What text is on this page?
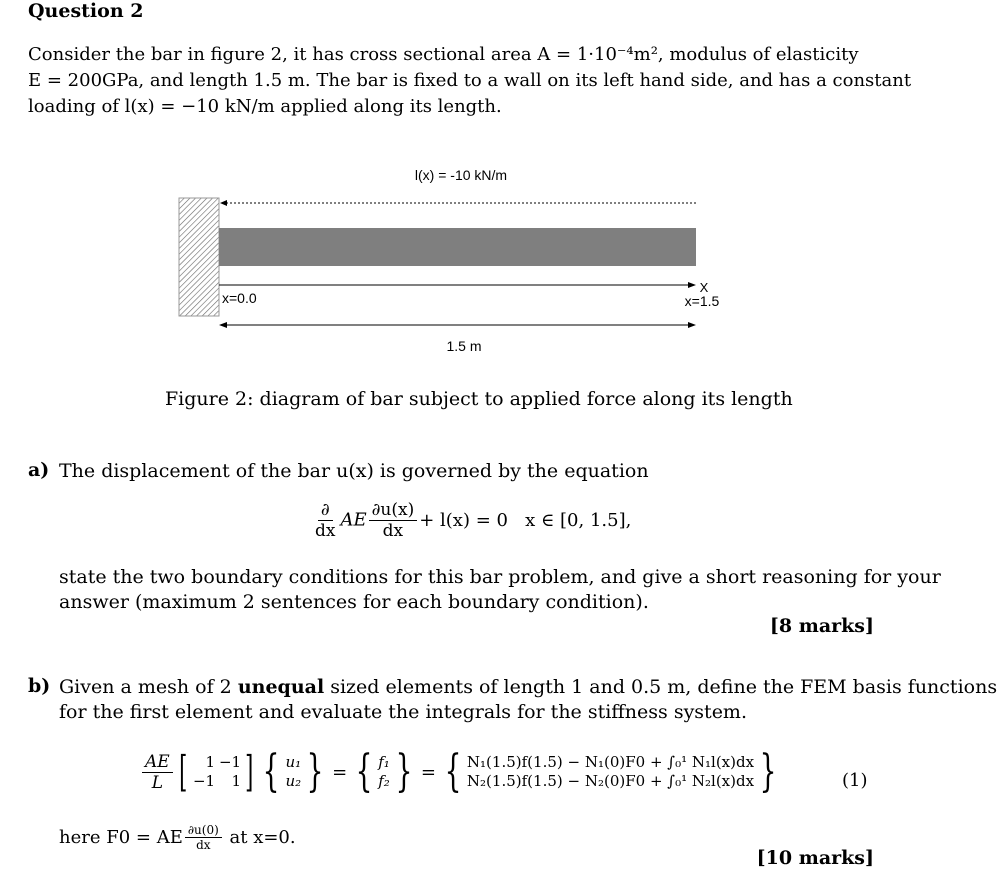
Question 2
Consider the bar in figure 2, it has cross sectional area A = 1·10⁻⁴m², modulus of elasticity
E = 200GPa, and length 1.5 m. The bar is fixed to a wall on its left hand side, and has a constant
loading of l(x) = −10 kN/m applied along its length.
l(x) = -10 kN/m
X
x=0.0	x=1.5
1.5 m
Figure 2: diagram of bar subject to applied force along its length
a) The displacement of the bar u(x) is governed by the equation
$\frac{\partial}{dx}$ AE $\frac{\partial u(x)}{dx} + l(x) = 0$   x ∈ [0, 1.5],
state the two boundary conditions for this bar problem, and give a short reasoning for your
answer (maximum 2 sentences for each boundary condition).
[8 marks]
b) Given a mesh of 2 unequal sized elements of length 1 and 0.5 m, define the FEM basis functions
for the first element and evaluate the integrals for the stiffness system.
$\frac{AE}{L}$ [	1 −1
−1	1 ] { u₁
u₂ } = { f₁
f₂ } = { N₁(1.5)f(1.5) − N₁(0)F0 + ∫₀¹ N₁l(x)dx
N₂(1.5)f(1.5) − N₂(0)F0 + ∫₀¹ N₂l(x)dx }	(1)
here F0 = AE $\frac{\partial u(0)}{dx}$ at x=0.
[10 marks]
